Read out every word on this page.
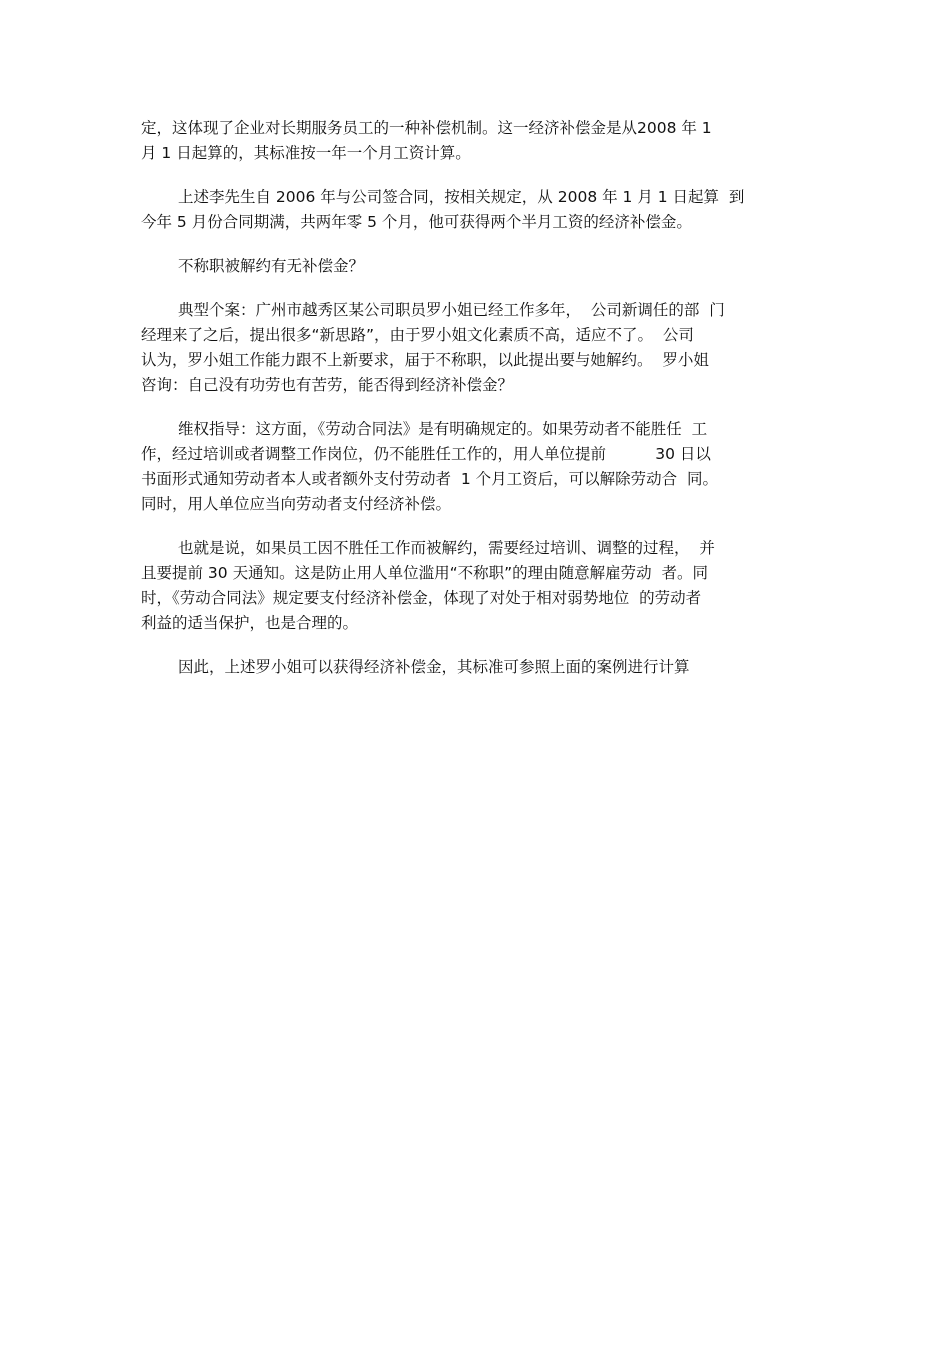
定，这体现了企业对长期服务员工的一种补偿机制。这一经济补偿金是从2008 年 1
月 1 日起算的，其标准按一年一个月工资计算。
上述李先生自 2006 年与公司签合同，按相关规定，从 2008 年 1 月 1 日起算  到
今年 5 月份合同期满，共两年零 5 个月，他可获得两个半月工资的经济补偿金。
不称职被解约有无补偿金？
典型个案：广州市越秀区某公司职员罗小姐已经工作多年，  公司新调任的部  门
经理来了之后，提出很多“新思路”，由于罗小姐文化素质不高，适应不了。  公司
认为，罗小姐工作能力跟不上新要求，届于不称职，以此提出要与她解约。  罗小姐
咨询：自己没有功劳也有苦劳，能否得到经济补偿金？
维权指导：这方面，《劳动合同法》是有明确规定的。如果劳动者不能胜任  工
作，经过培训或者调整工作岗位，仍不能胜任工作的，用人单位提前          30 日以
书面形式通知劳动者本人或者额外支付劳动者  1 个月工资后，可以解除劳动合  同。
同时，用人单位应当向劳动者支付经济补偿。
也就是说，如果员工因不胜任工作而被解约，需要经过培训、调整的过程，  并
且要提前 30 天通知。这是防止用人单位滥用“不称职”的理由随意解雇劳动  者。同
时，《劳动合同法》规定要支付经济补偿金，体现了对处于相对弱势地位  的劳动者
利益的适当保护，也是合理的。
因此，上述罗小姐可以获得经济补偿金，其标准可参照上面的案例进行计算
